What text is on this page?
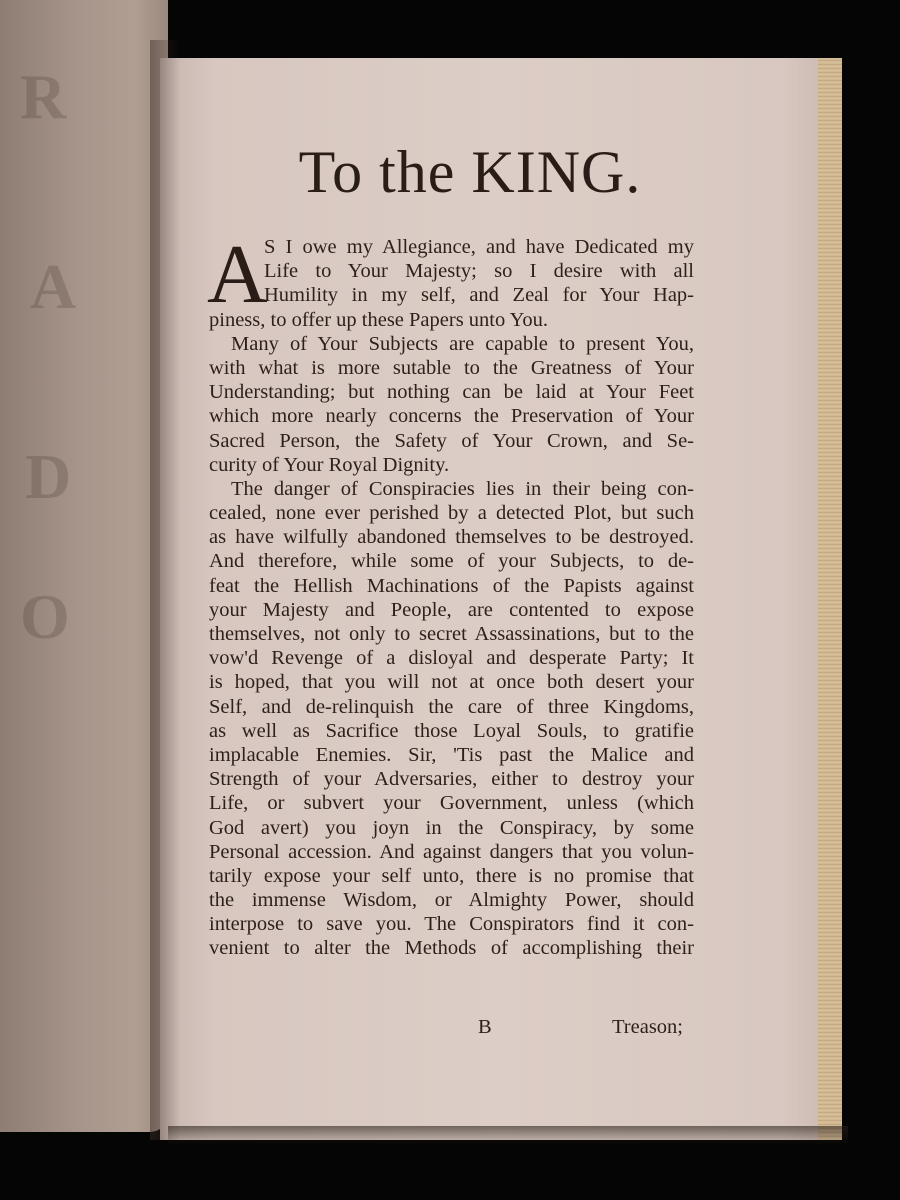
R
A
D
O
To the KING.
A
S I owe my Allegiance, and have Dedicated my
Life to Your Majesty; so I desire with all
Humility in my self, and Zeal for Your Hap-
piness, to offer up these Papers unto You.
Many of Your Subjects are capable to present You,
with what is more sutable to the Greatness of Your
Understanding; but nothing can be laid at Your Feet
which more nearly concerns the Preservation of Your
Sacred Person, the Safety of Your Crown, and Se-
curity of Your Royal Dignity.
The danger of Conspiracies lies in their being con-
cealed, none ever perished by a detected Plot, but such
as have wilfully abandoned themselves to be destroyed.
And therefore, while some of your Subjects, to de-
feat the Hellish Machinations of the Papists against
your Majesty and People, are contented to expose
themselves, not only to secret Assassinations, but to the
vow'd Revenge of a disloyal and desperate Party; It
is hoped, that you will not at once both desert your
Self, and de-relinquish the care of three Kingdoms,
as well as Sacrifice those Loyal Souls, to gratifie
implacable Enemies. Sir, 'Tis past the Malice and
Strength of your Adversaries, either to destroy your
Life, or subvert your Government, unless (which
God avert) you joyn in the Conspiracy, by some
Personal accession. And against dangers that you volun-
tarily expose your self unto, there is no promise that
the immense Wisdom, or Almighty Power, should
interpose to save you. The Conspirators find it con-
venient to alter the Methods of accomplishing their
B	Treason;
